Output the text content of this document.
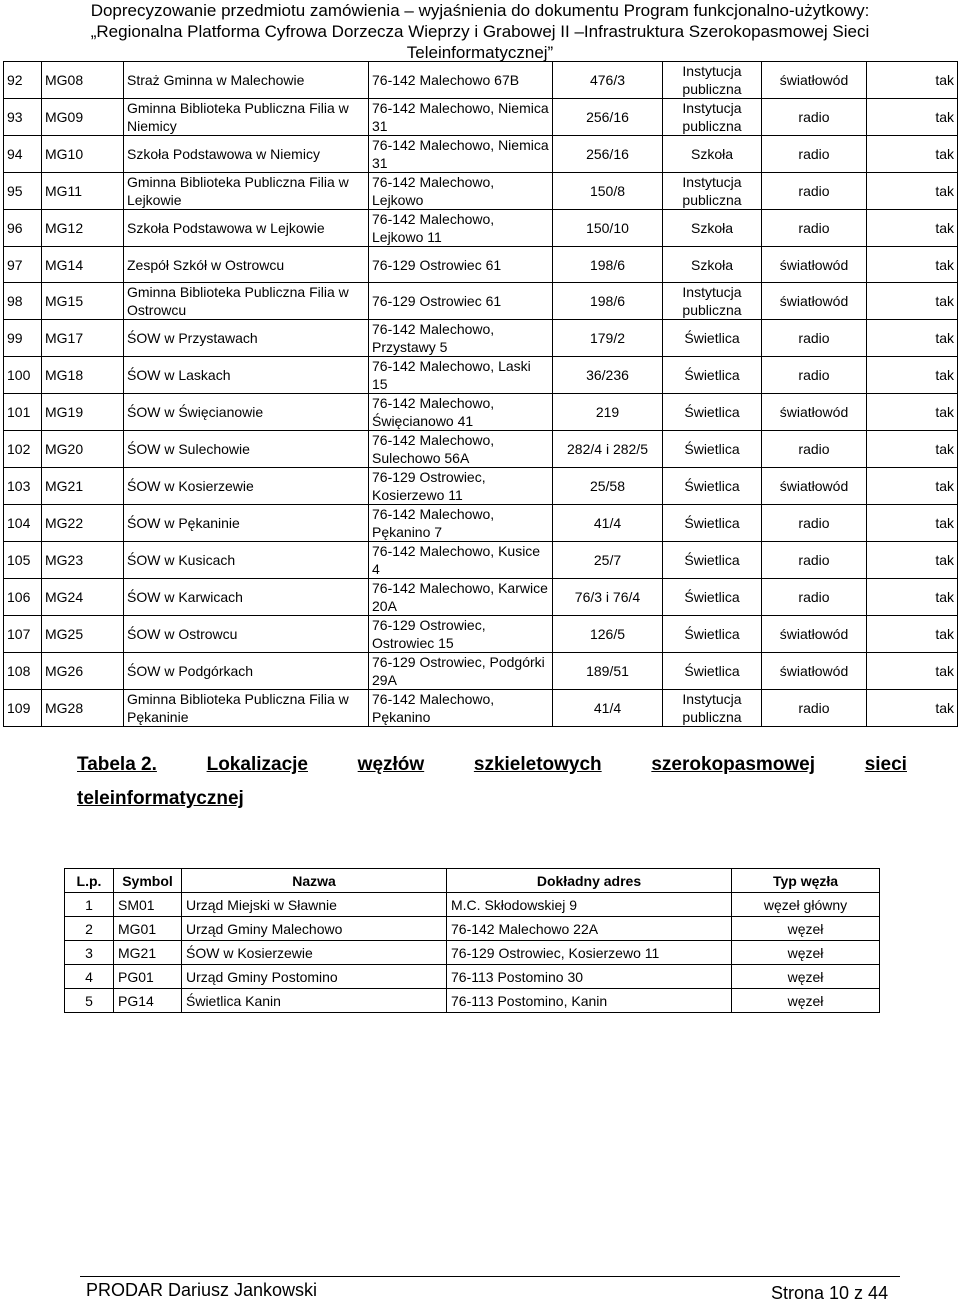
Doprecyzowanie przedmiotu zamówienia – wyjaśnienia do dokumentu Program funkcjonalno-użytkowy:
„Regionalna Platforma Cyfrowa Dorzecza Wieprzy i Grabowej II –Infrastruktura Szerokopasmowej Sieci
Teleinformatycznej”
92	MG08	Straż Gminna w Malechowie	76-142 Malechowo 67B	476/3	Instytucja publiczna	światłowód	tak
93	MG09	Gminna Biblioteka Publiczna Filia w Niemicy	76-142 Malechowo, Niemica 31	256/16	Instytucja publiczna	radio	tak
94	MG10	Szkoła Podstawowa w Niemicy	76-142 Malechowo, Niemica 31	256/16	Szkoła	radio	tak
95	MG11	Gminna Biblioteka Publiczna Filia w Lejkowie	76-142 Malechowo, Lejkowo	150/8	Instytucja publiczna	radio	tak
96	MG12	Szkoła Podstawowa w Lejkowie	76-142 Malechowo, Lejkowo 11	150/10	Szkoła	radio	tak
97	MG14	Zespół Szkół w Ostrowcu	76-129 Ostrowiec 61	198/6	Szkoła	światłowód	tak
98	MG15	Gminna Biblioteka Publiczna Filia w Ostrowcu	76-129 Ostrowiec 61	198/6	Instytucja publiczna	światłowód	tak
99	MG17	ŚOW w Przystawach	76-142 Malechowo, Przystawy 5	179/2	Świetlica	radio	tak
100	MG18	ŚOW w Laskach	76-142 Malechowo, Laski 15	36/236	Świetlica	radio	tak
101	MG19	ŚOW w Święcianowie	76-142 Malechowo, Święcianowo 41	219	Świetlica	światłowód	tak
102	MG20	ŚOW w Sulechowie	76-142 Malechowo, Sulechowo 56A	282/4 i 282/5	Świetlica	radio	tak
103	MG21	ŚOW w Kosierzewie	76-129 Ostrowiec, Kosierzewo 11	25/58	Świetlica	światłowód	tak
104	MG22	ŚOW w Pękaninie	76-142 Malechowo, Pękanino 7	41/4	Świetlica	radio	tak
105	MG23	ŚOW w Kusicach	76-142 Malechowo, Kusice 4	25/7	Świetlica	radio	tak
106	MG24	ŚOW w Karwicach	76-142 Malechowo, Karwice 20A	76/3 i 76/4	Świetlica	radio	tak
107	MG25	ŚOW w Ostrowcu	76-129 Ostrowiec, Ostrowiec 15	126/5	Świetlica	światłowód	tak
108	MG26	ŚOW w Podgórkach	76-129 Ostrowiec, Podgórki 29A	189/51	Świetlica	światłowód	tak
109	MG28	Gminna Biblioteka Publiczna Filia w Pękaninie	76-142 Malechowo, Pękanino	41/4	Instytucja publiczna	radio	tak
Tabela 2.	Lokalizacje	węzłów	szkieletowych	szerokopasmowej	sieci
teleinformatycznej
L.p.	Symbol	Nazwa	Dokładny adres	Typ węzła
1	SM01	Urząd Miejski w Sławnie	M.C. Skłodowskiej 9	węzeł główny
2	MG01	Urząd Gminy Malechowo	76-142 Malechowo 22A	węzeł
3	MG21	ŚOW w Kosierzewie	76-129 Ostrowiec, Kosierzewo 11	węzeł
4	PG01	Urząd Gminy Postomino	76-113 Postomino 30	węzeł
5	PG14	Świetlica Kanin	76-113 Postomino, Kanin	węzeł
PRODAR Dariusz Jankowski	Strona 10 z 44
